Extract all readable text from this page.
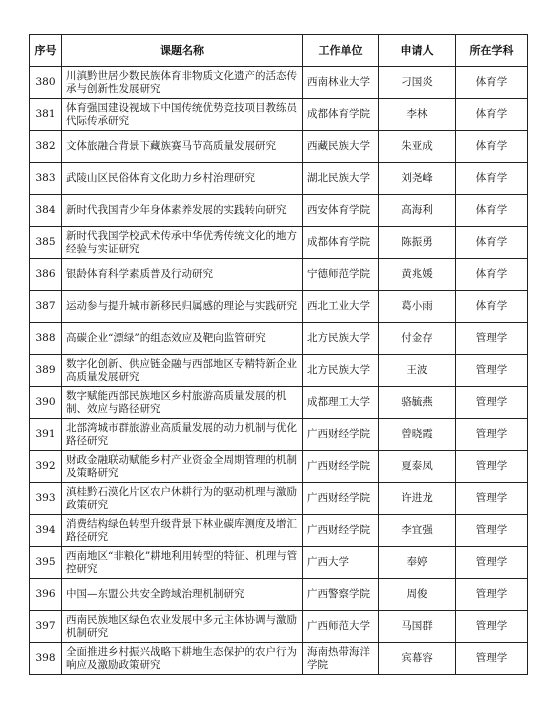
序号	课题名称	工作单位	申请人	所在学科
380	川滇黔世居少数民族体育非物质文化遗产的活态传承与创新性发展研究	西南林业大学	刁国炎	体育学
381	体育强国建设视域下中国传统优势竞技项目教练员代际传承研究	成都体育学院	李林	体育学
382	文体旅融合背景下藏族赛马节高质量发展研究	西藏民族大学	朱亚成	体育学
383	武陵山区民俗体育文化助力乡村治理研究	湖北民族大学	刘尧峰	体育学
384	新时代我国青少年身体素养发展的实践转向研究	西安体育学院	高海利	体育学
385	新时代我国学校武术传承中华优秀传统文化的地方经验与实证研究	成都体育学院	陈振勇	体育学
386	银龄体育科学素质普及行动研究	宁德师范学院	黄兆媛	体育学
387	运动参与提升城市新移民归属感的理论与实践研究	西北工业大学	葛小雨	体育学
388	高碳企业“漂绿”的组态效应及靶向监管研究	北方民族大学	付金存	管理学
389	数字化创新、供应链金融与西部地区专精特新企业高质量发展研究	北方民族大学	王波	管理学
390	数字赋能西部民族地区乡村旅游高质量发展的机制、效应与路径研究	成都理工大学	骆毓燕	管理学
391	北部湾城市群旅游业高质量发展的动力机制与优化路径研究	广西财经学院	曾晓霞	管理学
392	财政金融联动赋能乡村产业资金全周期管理的机制及策略研究	广西财经学院	夏泰凤	管理学
393	滇桂黔石漠化片区农户休耕行为的驱动机理与激励政策研究	广西财经学院	许进龙	管理学
394	消费结构绿色转型升级背景下林业碳库测度及增汇路径研究	广西财经学院	李宜强	管理学
395	西南地区“非粮化”耕地利用转型的特征、机理与管控研究	广西大学	奉婷	管理学
396	中国—东盟公共安全跨域治理机制研究	广西警察学院	周俊	管理学
397	西南民族地区绿色农业发展中多元主体协调与激励机制研究	广西师范大学	马国群	管理学
398	全面推进乡村振兴战略下耕地生态保护的农户行为响应及激励政策研究	海南热带海洋学院	宾幕容	管理学
